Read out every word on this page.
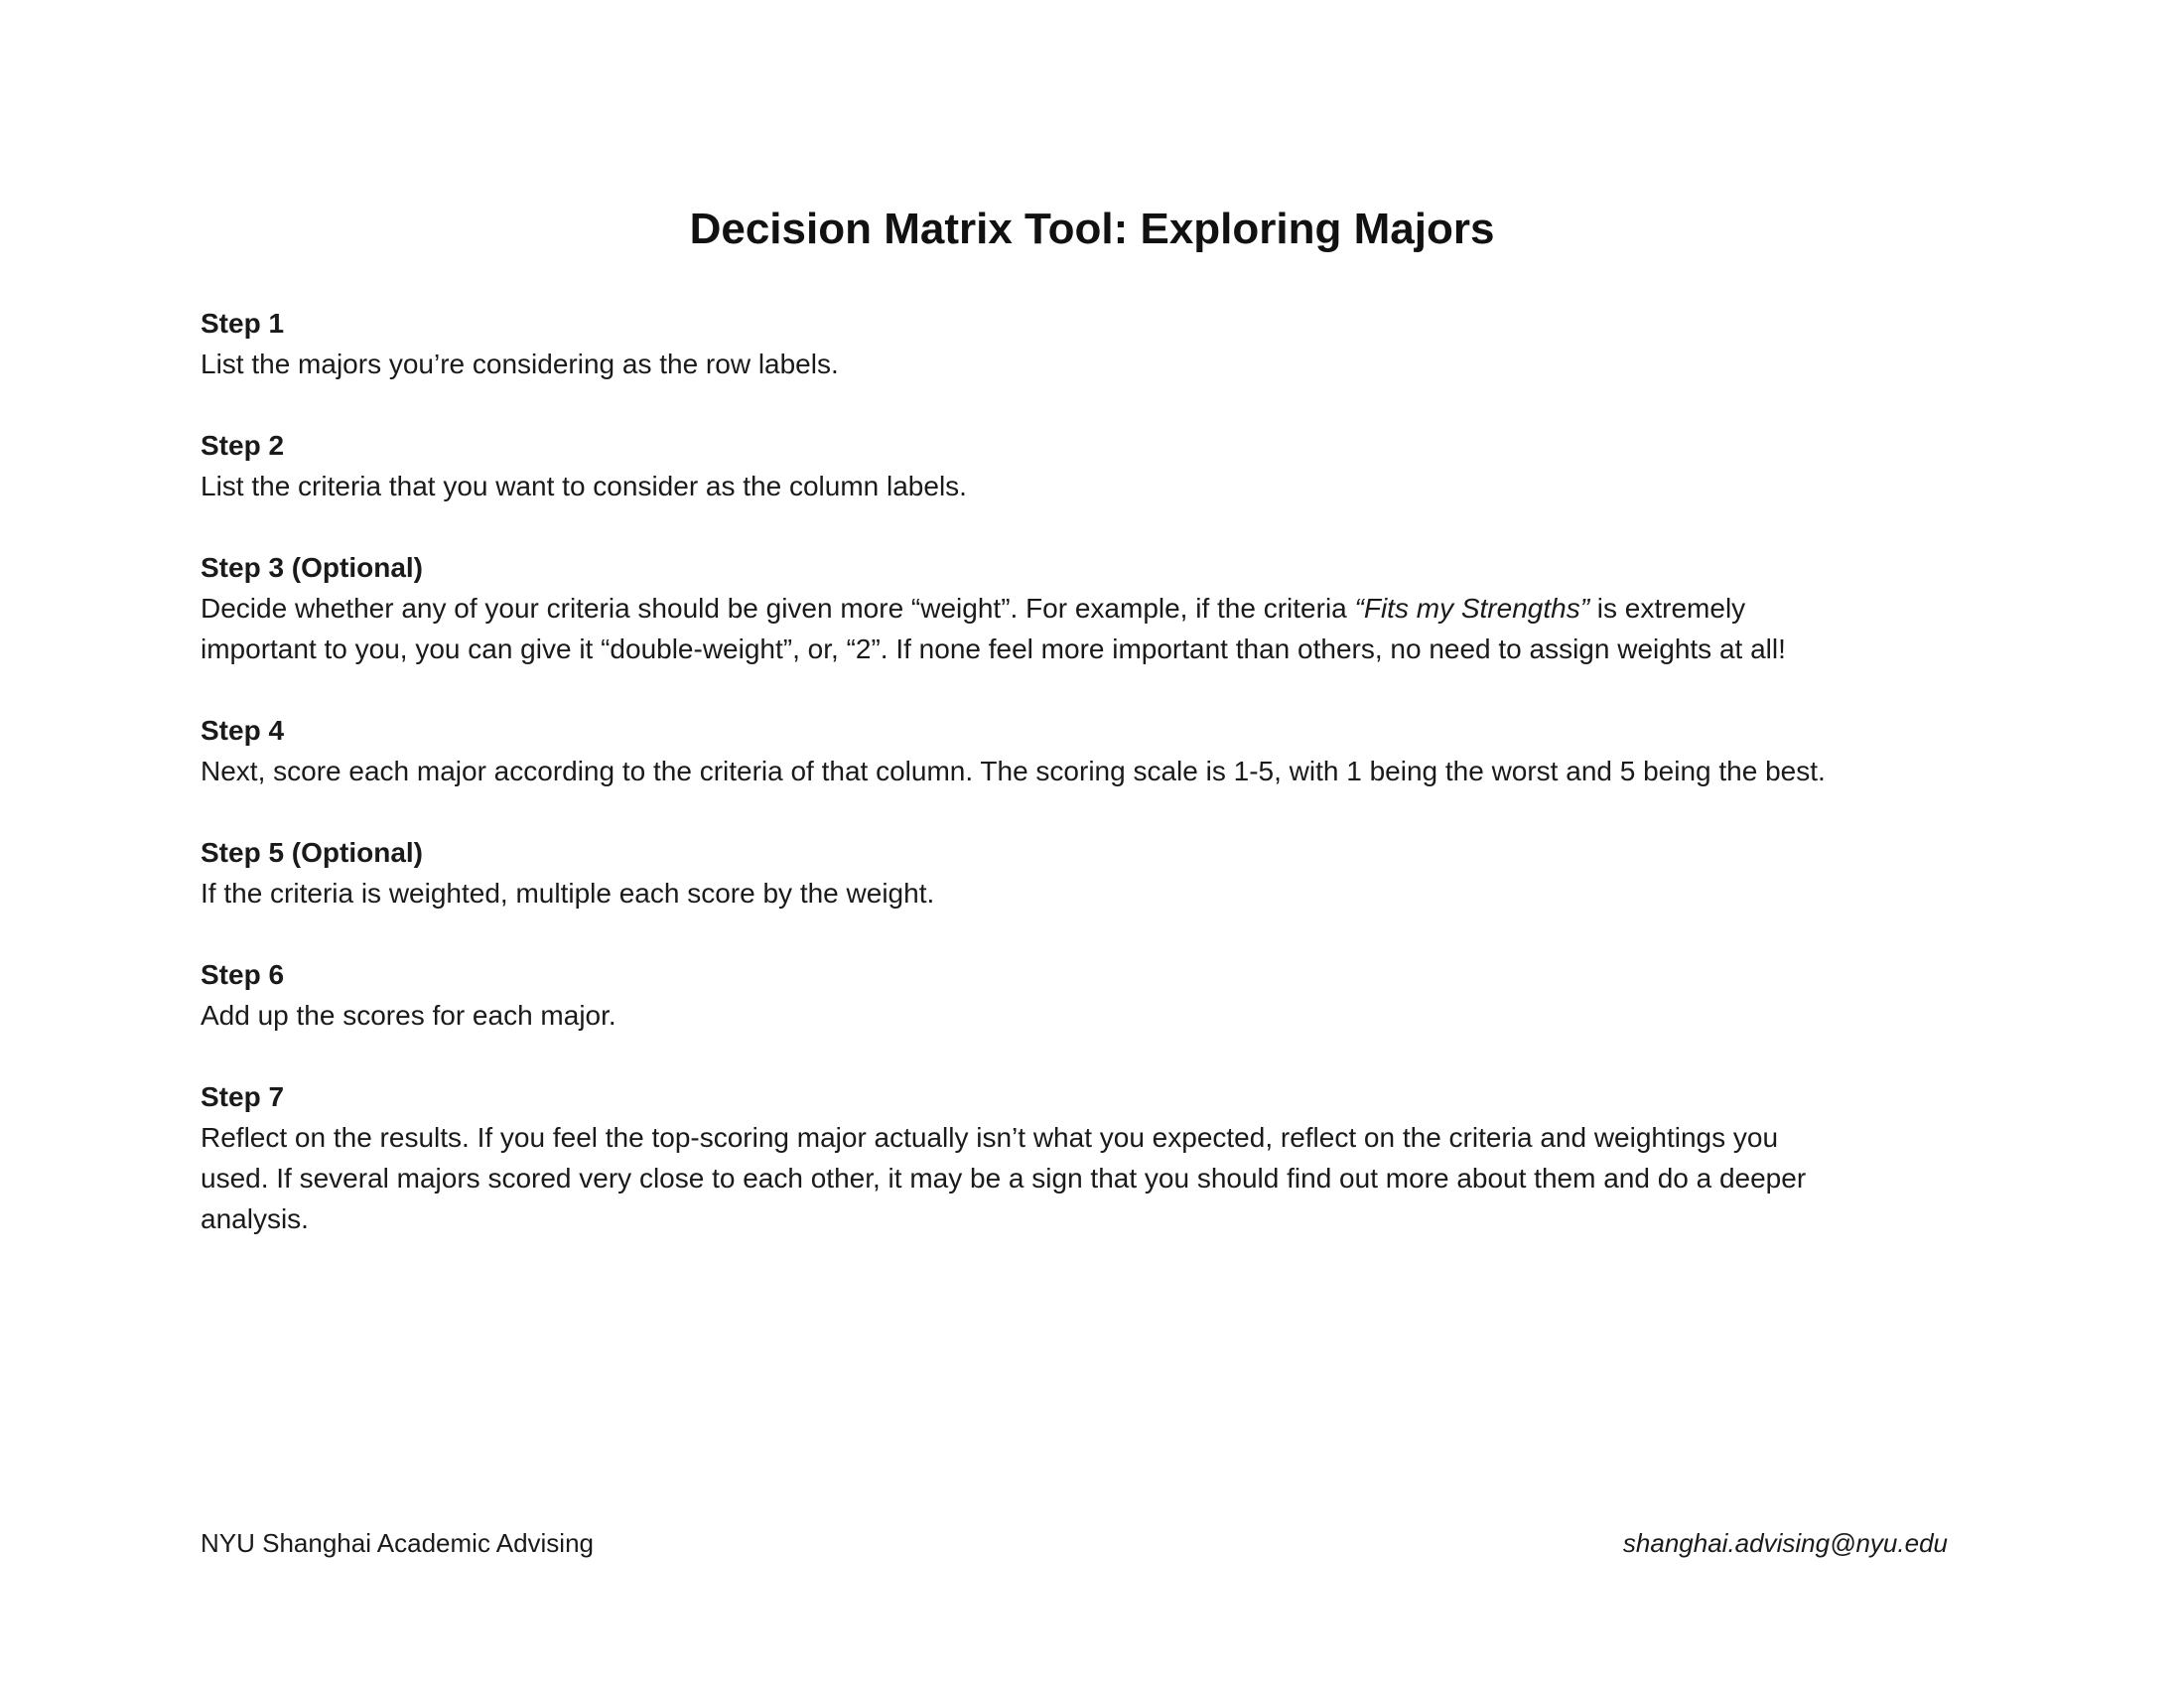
Decision Matrix Tool: Exploring Majors

Step 1

List the majors you’re considering as the row labels.

Step 2

List the criteria that you want to consider as the column labels.

Step 3 (Optional)

Decide whether any of your criteria should be given more “weight”. For example, if the criteria “Fits my Strengths” is extremely
important to you, you can give it “double-weight”, or, “2”. If none feel more important than others, no need to assign weights at all!

Step 4

Next, score each major according to the criteria of that column. The scoring scale is 1-5, with 1 being the worst and 5 being the best.

Step 5 (Optional)

If the criteria is weighted, multiple each score by the weight.

Step 6

Add up the scores for each major.

Step 7

Reflect on the results. If you feel the top-scoring major actually isn’t what you expected, reflect on the criteria and weightings you
used. If several majors scored very close to each other, it may be a sign that you should find out more about them and do a deeper
analysis.

NYU Shanghai Academic Advising	shanghai.advising@nyu.edu
